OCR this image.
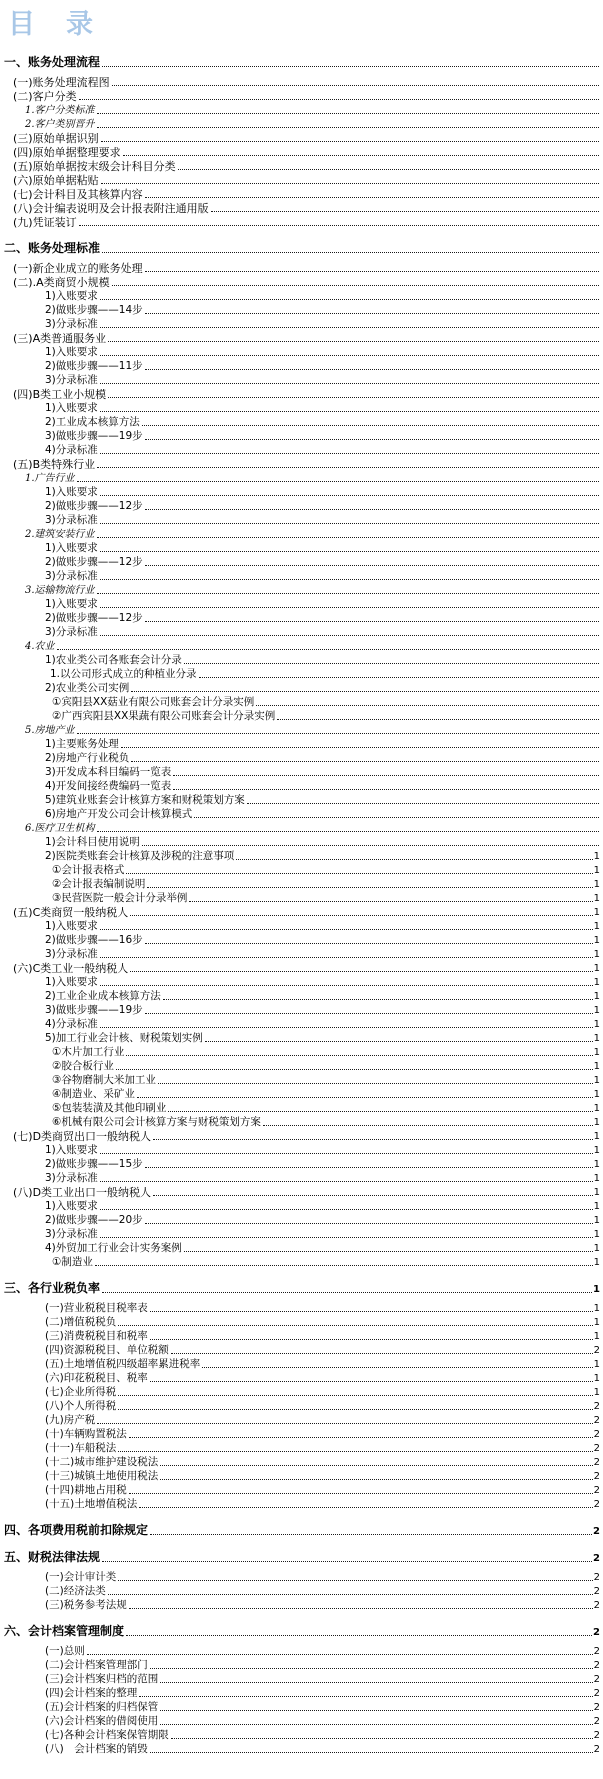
目　录
一、账务处理流程
(一)账务处理流程图
(二)客户分类
1.客户分类标准
2.客户类别晋升
(三)原始单据识别
(四)原始单据整理要求
(五)原始单据按末级会计科目分类
(六)原始单据粘贴
(七)会计科目及其核算内容
(八)会计编表说明及会计报表附注通用版
(九)凭证装订
二、账务处理标准
(一)新企业成立的账务处理
(二).A类商贸小规模
1)入账要求
2)做账步骤——14步
3)分录标准
(三)A类普通服务业
1)入账要求
2)做账步骤——11步
3)分录标准
(四)B类工业小规模
1)入账要求
2)工业成本核算方法
3)做账步骤——19步
4)分录标准
(五)B类特殊行业
1.广告行业
1)入账要求
2)做账步骤——12步
3)分录标准
2.建筑安装行业
1)入账要求
2)做账步骤——12步
3)分录标准
3.运输物流行业
1)入账要求
2)做账步骤——12步
3)分录标准
4.农业
1)农业类公司各账套会计分录
1.以公司形式成立的种植业分录
2)农业类公司实例
①宾阳县ⅩⅩ菇业有限公司账套会计分录实例
②广西宾阳县ⅩⅩ果蔬有限公司账套会计分录实例
5.房地产业
1)主要账务处理
2)房地产行业税负
3)开发成本科目编码一览表
4)开发间接经费编码一览表
5)建筑业账套会计核算方案和财税策划方案
6)房地产开发公司会计核算模式
6.医疗卫生机构
1)会计科目使用说明
2)医院类账套会计核算及涉税的注意事项	1
①会计报表格式	1
②会计报表编制说明	1
③民营医院一般会计分录举例	1
(五)C类商贸一般纳税人	1
1)入账要求	1
2)做账步骤——16步	1
3)分录标准	1
(六)C类工业一般纳税人	1
1)入账要求	1
2)工业企业成本核算方法	1
3)做账步骤——19步	1
4)分录标准	1
5)加工行业会计核、财税策划实例	1
①木片加工行业	1
②胶合板行业	1
③谷物磨制大米加工业	1
④制造业、采矿业	1
⑤包装装潢及其他印刷业	1
⑥机械有限公司会计核算方案与财税策划方案	1
(七)D类商贸出口一般纳税人	1
1)入账要求	1
2)做账步骤——15步	1
3)分录标准	1
(八)D类工业出口一般纳税人	1
1)入账要求	1
2)做账步骤——20步	1
3)分录标准	1
4)外贸加工行业会计实务案例	1
①制造业	1
三、各行业税负率	1
(一)营业税税目税率表	1
(二)增值税税负	1
(三)消费税税目和税率	1
(四)资源税税目、单位税额	2
(五)土地增值税四级超率累进税率	1
(六)印花税税目、税率	1
(七)企业所得税	1
(八)个人所得税	2
(九)房产税	2
(十)车辆购置税法	2
(十一)车船税法	2
(十二)城市维护建设税法	2
(十三)城镇土地使用税法	2
(十四)耕地占用税	2
(十五)土地增值税法	2
四、各项费用税前扣除规定	2
五、财税法律法规	2
(一)会计审计类	2
(二)经济法类	2
(三)税务参考法规	2
六、会计档案管理制度	2
(一)总则	2
(二)会计档案管理部门	2
(三)会计档案归档的范围	2
(四)会计档案的整理	2
(五)会计档案的归档保管	2
(六)会计档案的借阅使用	2
(七)各种会计档案保管期限	2
(八)　会计档案的销毁	2
